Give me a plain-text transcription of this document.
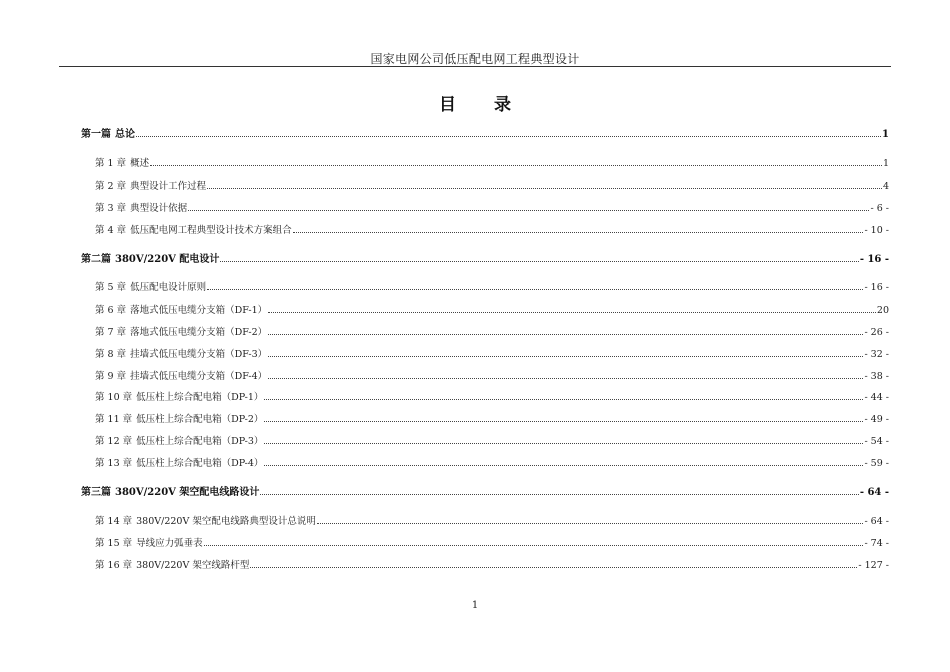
国家电网公司低压配电网工程典型设计
目 录
第一篇 总论	1
第 1 章 概述	1
第 2 章 典型设计工作过程	4
第 3 章 典型设计依据	- 6 -
第 4 章 低压配电网工程典型设计技术方案组合	- 10 -
第二篇 380V/220V 配电设计	- 16 -
第 5 章 低压配电设计原则	- 16 -
第 6 章 落地式低压电缆分支箱（DF-1）	20
第 7 章 落地式低压电缆分支箱（DF-2）	- 26 -
第 8 章 挂墙式低压电缆分支箱（DF-3）	- 32 -
第 9 章 挂墙式低压电缆分支箱（DF-4）	- 38 -
第 10 章 低压柱上综合配电箱（DP-1）	- 44 -
第 11 章 低压柱上综合配电箱（DP-2）	- 49 -
第 12 章 低压柱上综合配电箱（DP-3）	- 54 -
第 13 章 低压柱上综合配电箱（DP-4）	- 59 -
第三篇 380V/220V 架空配电线路设计	- 64 -
第 14 章 380V/220V 架空配电线路典型设计总说明	- 64 -
第 15 章 导线应力弧垂表	- 74 -
第 16 章 380V/220V 架空线路杆型	- 127 -
1
